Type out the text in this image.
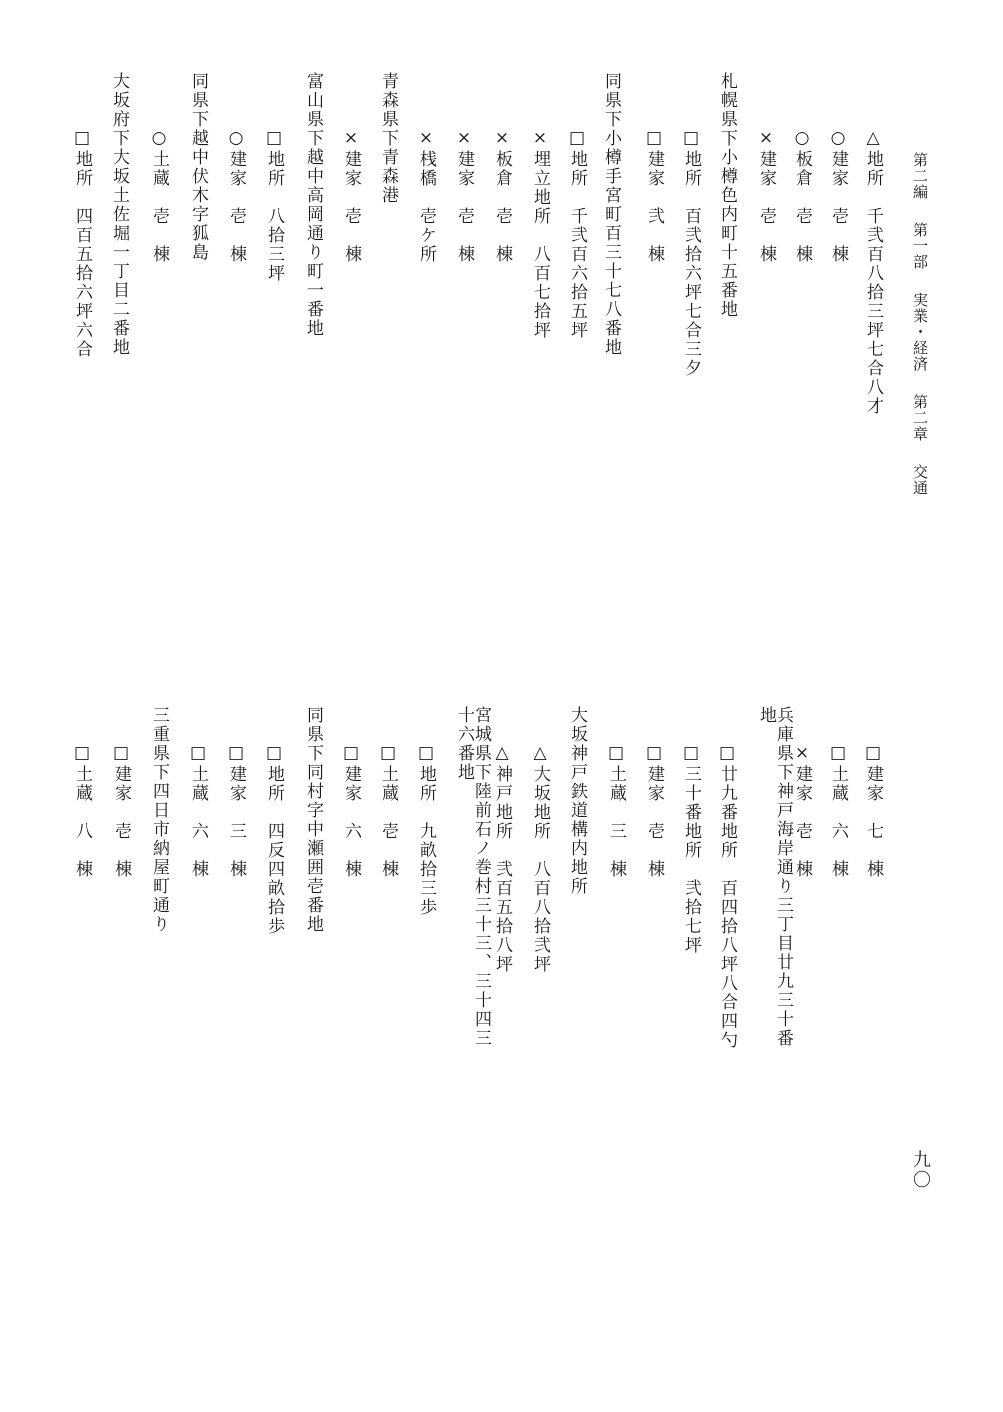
第二編第一部実業・経済第二章交通
九〇
△地所　千弐百八拾三坪七合八才
○建家　壱　棟
○板倉　壱　棟
×建家　壱　棟
札幌県下小樽色内町十五番地
□地所　百弐拾六坪七合三夕
□建家　弐　棟
同県下小樽手宮町百三十七八番地
□地所　千弐百六拾五坪
×埋立地所　八百七拾坪
×板倉　壱　棟
×建家　壱　棟
×桟橋　壱ケ所
青森県下青森港
×建家　壱　棟
富山県下越中高岡通り町一番地
□地所　八拾三坪
○建家　壱　棟
同県下越中伏木字狐島
○土蔵　壱　棟
大坂府下大坂土佐堀一丁目二番地
□地所　四百五拾六坪六合
□建家　七　棟
□土蔵　六　棟
×建家　壱　棟
兵庫県下神戸海岸通り三丁目廿九三十番地
□廿九番地所　百四拾八坪八合四勺
□三十番地所　弐拾七坪
□建家　壱　棟
□土蔵　三　棟
大坂神戸鉄道構内地所
△大坂地所　八百八拾弐坪
△神戸地所　弐百五拾八坪
宮城県下陸前石ノ巻村三十三、三十四三十六番地
□地所　九畝拾三歩
□土蔵　壱　棟
□建家　六　棟
同県下同村字中瀬囲壱番地
□地所　四反四畝拾歩
□建家　三　棟
□土蔵　六　棟
三重県下四日市納屋町通り
□建家　壱　棟
□土蔵　八　棟
